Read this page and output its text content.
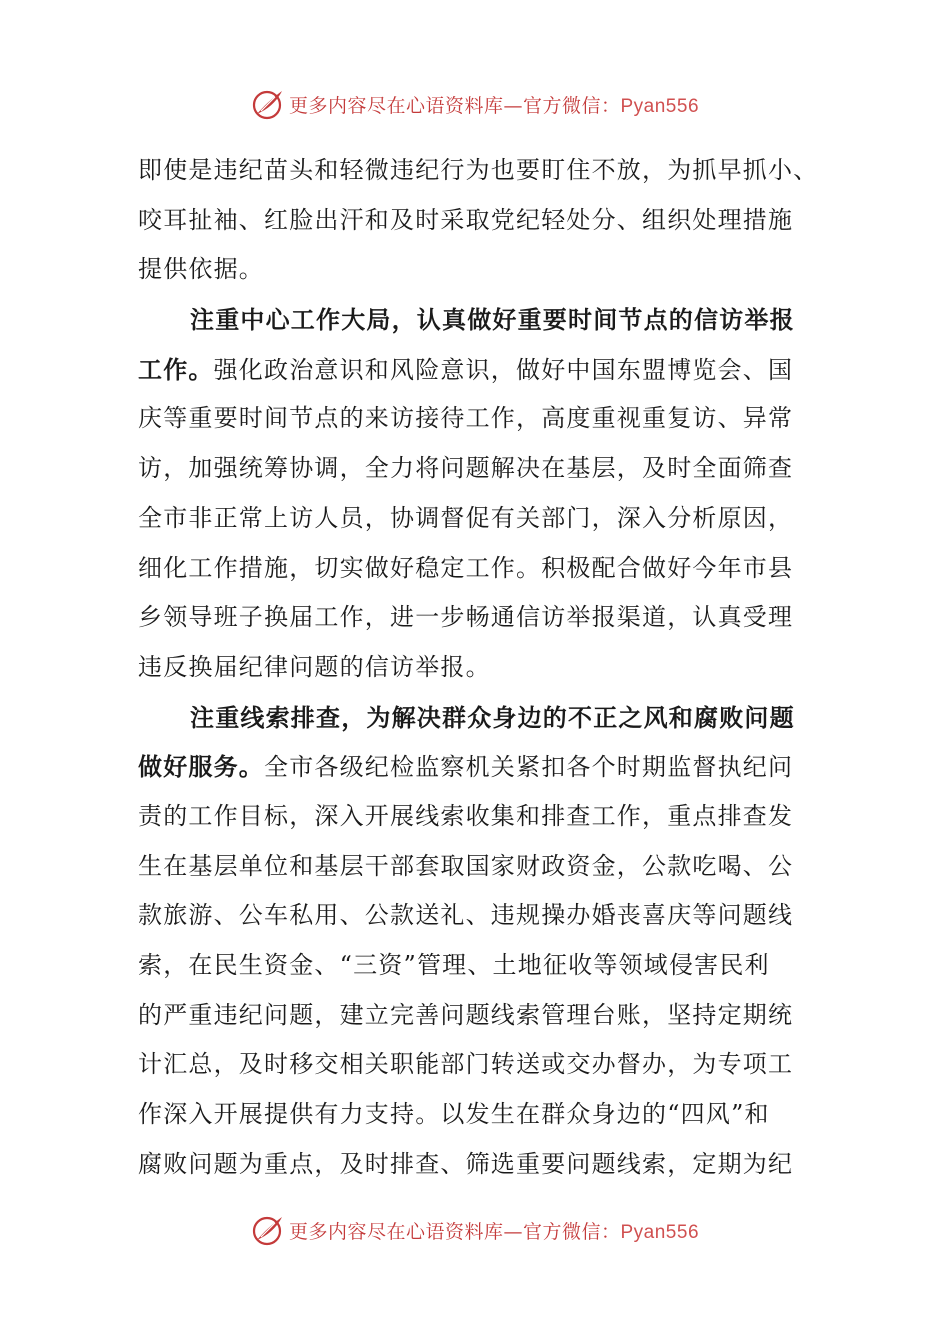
更多内容尽在心语资料库—官方微信：Pyan556
即使是违纪苗头和轻微违纪行为也要盯住不放，为抓早抓小、
咬耳扯袖、红脸出汗和及时采取党纪轻处分、组织处理措施
提供依据。
注重中心工作大局，认真做好重要时间节点的信访举报
工作。强化政治意识和风险意识，做好中国东盟博览会、国
庆等重要时间节点的来访接待工作，高度重视重复访、异常
访，加强统筹协调，全力将问题解决在基层，及时全面筛查
全市非正常上访人员，协调督促有关部门，深入分析原因，
细化工作措施，切实做好稳定工作。积极配合做好今年市县
乡领导班子换届工作，进一步畅通信访举报渠道，认真受理
违反换届纪律问题的信访举报。
注重线索排查，为解决群众身边的不正之风和腐败问题
做好服务。全市各级纪检监察机关紧扣各个时期监督执纪问
责的工作目标，深入开展线索收集和排查工作，重点排查发
生在基层单位和基层干部套取国家财政资金，公款吃喝、公
款旅游、公车私用、公款送礼、违规操办婚丧喜庆等问题线
索，在民生资金、“三资”管理、土地征收等领域侵害民利
的严重违纪问题，建立完善问题线索管理台账，坚持定期统
计汇总，及时移交相关职能部门转送或交办督办，为专项工
作深入开展提供有力支持。以发生在群众身边的“四风”和
腐败问题为重点，及时排查、筛选重要问题线索，定期为纪
更多内容尽在心语资料库—官方微信：Pyan556
